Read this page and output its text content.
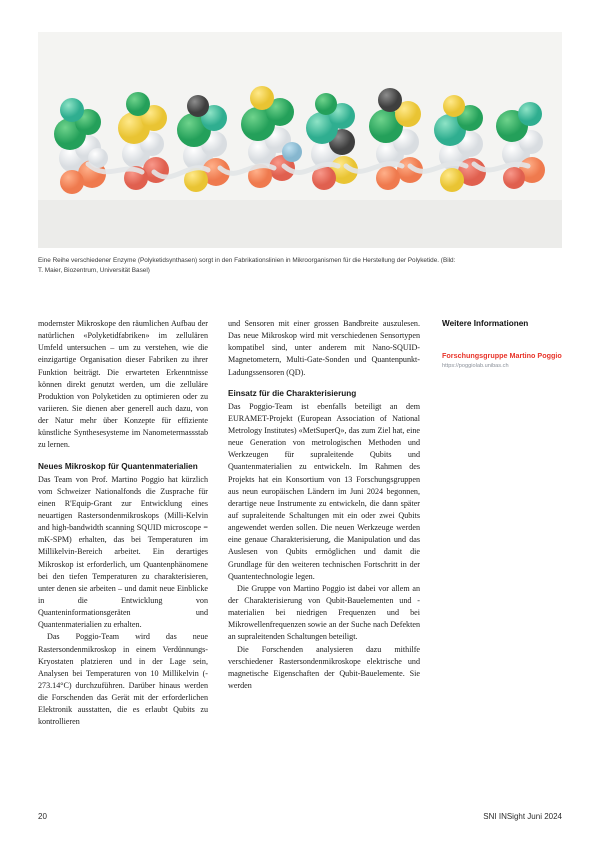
Eine Reihe verschiedener Enzyme (Polyketidsynthasen) sorgt in den Fabrikationslinien in Mikroorganismen für die Herstellung der Polyketide. (Bild: T. Maier, Biozentrum, Universität Basel)

modernster Mikroskope den räumlichen Aufbau der natürlichen «Polyketidfabriken» im zellulären Umfeld untersuchen – um zu verstehen, wie die einzigartige Organisation dieser Fabriken zu ihrer Funktion beiträgt. Die erwarteten Erkenntnisse können direkt genutzt werden, um die zelluläre Produktion von Polyketiden zu optimieren oder zu variieren. Sie dienen aber generell auch dazu, von der Natur mehr über Konzepte für effiziente künstliche Synthesesysteme im Nanometermassstab zu lernen.

Neues Mikroskop für Quantenmaterialien

Das Team von Prof. Martino Poggio hat kürzlich vom Schweizer Nationalfonds die Zusprache für einen R'Equip-Grant zur Entwicklung eines neuartigen Rastersondenmikroskops (Milli-Kelvin and high-bandwidth scanning SQUID microscope = mK-SPM) erhalten, das bei Temperaturen im Millikelvin-Bereich arbeitet. Ein derartiges Mikroskop ist erforderlich, um Quantenphänomene bei den tiefen Temperaturen zu charakterisieren, unter denen sie arbeiten – und damit neue Einblicke in die Entwicklung von Quanteninformationsgeräten und Quantenmaterialien zu erhalten.

Das Poggio-Team wird das neue Rastersondenmikroskop in einem Verdünnungs-Kryostaten platzieren und in der Lage sein, Analysen bei Temperaturen von 10 Millikelvin (- 273.14°C) durchzuführen. Darüber hinaus werden die Forschenden das Gerät mit der erforderlichen Elektronik ausstatten, die es erlaubt Qubits zu kontrollieren

und Sensoren mit einer grossen Bandbreite auszulesen. Das neue Mikroskop wird mit verschiedenen Sensortypen kompatibel sind, unter anderem mit Nano-SQUID-Magnetometern, Multi-Gate-Sonden und Quantenpunkt-Ladungssensoren (QD).

Einsatz für die Charakterisierung

Das Poggio-Team ist ebenfalls beteiligt an dem EURAMET-Projekt (European Association of National Metrology Institutes) «MetSuperQ», das zum Ziel hat, eine neue Generation von metrologischen Methoden und Werkzeugen für supraleitende Qubits und Quantenmaterialien zu entwickeln. Im Rahmen des Projekts hat ein Konsortium von 13 Forschungsgruppen aus neun europäischen Ländern im Juni 2024 begonnen, derartige neue Instrumente zu entwickeln, die dann später auf supraleitende Schaltungen mit ein oder zwei Qubits angewendet werden sollen. Die neuen Werkzeuge werden eine genaue Charakterisierung, die Manipulation und das Auslesen von Qubits ermöglichen und damit die Grundlage für den weiteren technischen Fortschritt in der Quantentechnologie legen.

Die Gruppe von Martino Poggio ist dabei vor allem an der Charakterisierung von Qubit-Bauelementen und -materialien bei niedrigen Frequenzen und bei Mikrowellenfrequenzen sowie an der Suche nach Defekten an supraleitenden Schaltungen beteiligt.

Die Forschenden analysieren dazu mithilfe verschiedener Rastersondenmikroskope elektrische und magnetische Eigenschaften der Qubit-Bauelemente. Sie werden

Weitere Informationen
Forschungsgruppe Martino Poggio
https://poggiolab.unibas.ch
20	SNI INSight Juni 2024
